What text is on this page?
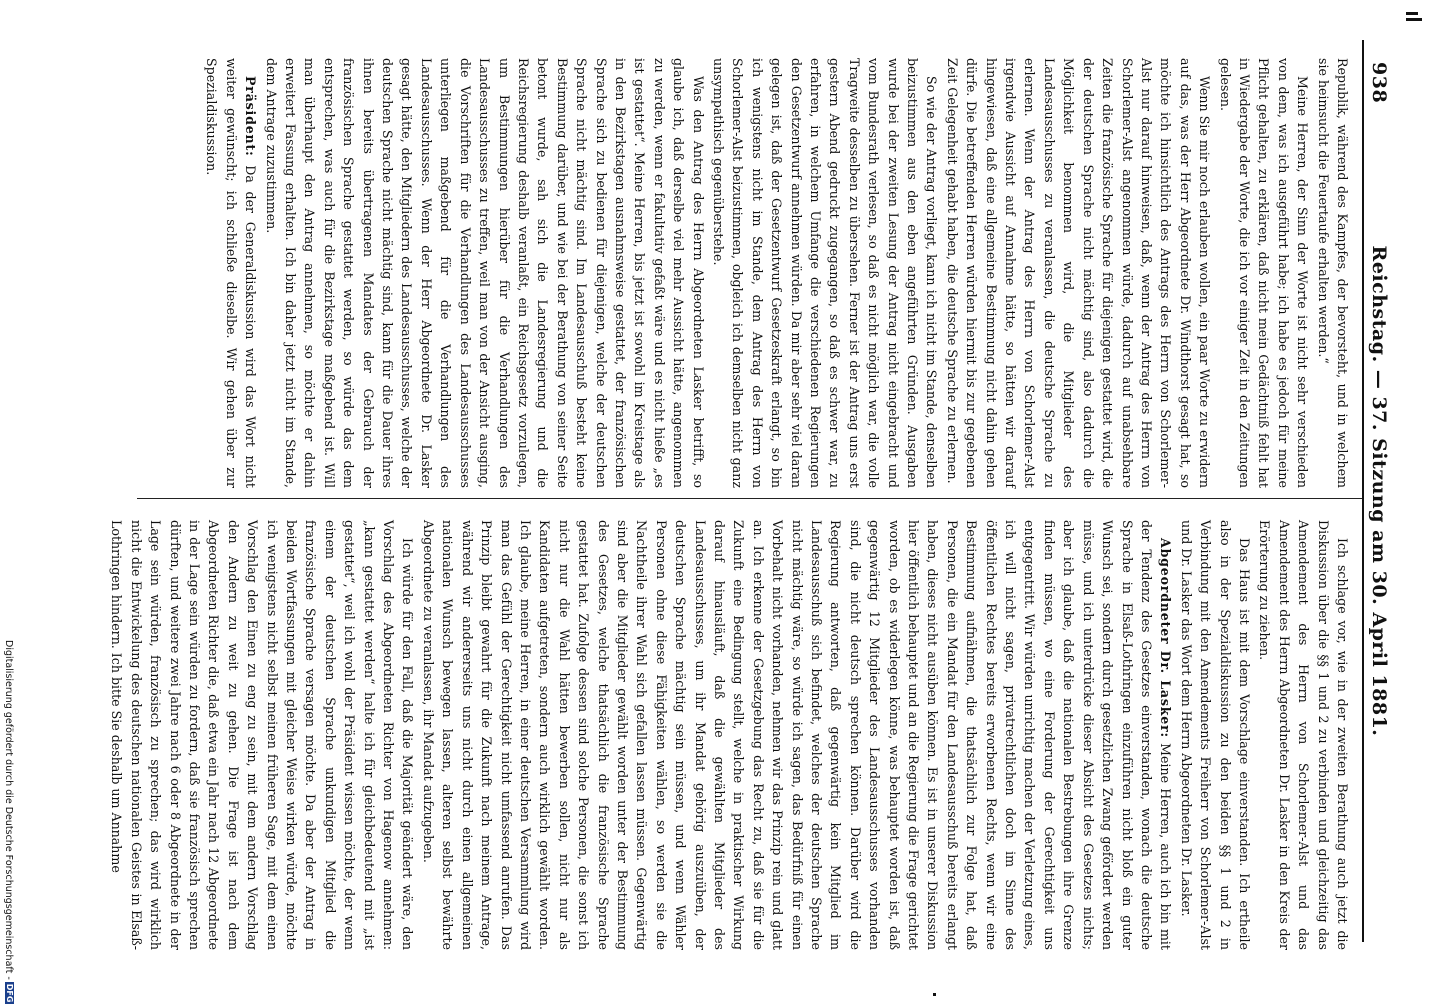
938
Reichstag. — 37. Sitzung am 30. April 1881.

Republik, während des Kampfes, der bevorsteht, und in welchem sie heimsucht die Feuertaufe erhalten werden.“

Meine Herren, der Sinn der Worte ist nicht sehr verschieden von dem, was ich ausgeführt habe; ich habe es jedoch für meine Pflicht gehalten, zu erklären, daß nicht mein Gedächtniß fehlt hat in Wiedergabe der Worte, die ich vor einiger Zeit in den Zeitungen gelesen.

Wenn Sie mir noch erlauben wollen, ein paar Worte zu erwidern auf das, was der Herr Abgeordnete Dr. Windthorst gesagt hat, so möchte ich hinsichtlich des Antrags des Herrn von Schorlemer-Alst nur darauf hinweisen, daß, wenn der Antrag des Herrn von Schorlemer-Alst angenommen würde, dadurch auf unabsehbare Zeiten die französische Sprache für diejenigen gestattet wird, die der deutschen Sprache nicht mächtig sind, also dadurch die Möglichkeit benommen wird, die Mitglieder des Landesausschusses zu veranlassen, die deutsche Sprache zu erlernen. Wenn der Antrag des Herrn von Schorlemer-Alst irgendwie Aussicht auf Annahme hätte, so hätten wir darauf hingewiesen, daß eine allgemeine Bestimmung nicht dahin gehen dürfe. Die betreffenden Herren würden hiermit bis zur gegebenen Zeit Gelegenheit gehabt haben, die deutsche Sprache zu erlernen.

So wie der Antrag vorliegt, kann ich nicht im Stande, denselben beizustimmen aus den eben angeführten Gründen. Ausgaben wurde bei der zweiten Lesung der Antrag nicht eingebracht und vom Bundesrath verlesen, so daß es nicht möglich war, die volle Tragweite desselben zu übersehen. Ferner ist der Antrag uns erst gestern Abend gedruckt zugegangen, so daß es schwer war, zu erfahren, in welchem Umfange die verschiedenen Regierungen den Gesetzentwurf annehmen würden. Da mir aber sehr viel daran gelegen ist, daß der Gesetzentwurf Gesetzeskraft erlangt, so bin ich wenigstens nicht im Stande, dem Antrag des Herrn von Schorlemer-Alst beizustimmen, obgleich ich demselben nicht ganz unsympathisch gegenüberstehe.

Was den Antrag des Herrn Abgeordneten Lasker betrifft, so glaube ich, daß derselbe viel mehr Aussicht hätte, angenommen zu werden, wenn er fakultativ gefaßt wäre und es nicht hieße „es ist gestattet“. Meine Herren, bis jetzt ist sowohl im Kreistage als in den Bezirkstagen ausnahmsweise gestattet, der französischen Sprache sich zu bedienen für diejenigen, welche der deutschen Sprache nicht mächtig sind. Im Landesausschuß besteht keine Bestimmung darüber, und wie bei der Berathung von seiner Seite betont wurde, sah sich die Landesregierung und die Reichsregierung deshalb veranlaßt, ein Reichsgesetz vorzulegen, um Bestimmungen hierüber für die Verhandlungen des Landesausschusses zu treffen, weil man von der Ansicht ausging, die Vorschriften für die Verhandlungen des Landesausschusses unterliegen maßgebend für die Verhandlungen des Landesausschusses. Wenn der Herr Abgeordnete Dr. Lasker gesagt hätte, den Mitgliedern des Landesausschusses, welche der deutschen Sprache nicht mächtig sind, kann für die Dauer ihres ihnen bereits übertragenen Mandates der Gebrauch der französischen Sprache gestattet werden, so würde das dem entsprechen, was auch für die Bezirkstage maßgebend ist. Will man überhaupt den Antrag annehmen, so möchte er dahin erweitert Fassung erhalten. Ich bin daher jetzt nicht im Stande, dem Antrage zuzustimmen.

Präsident: Da der Generaldiskussion wird das Wort nicht weiter gewünscht; ich schließe dieselbe. Wir gehen über zur Spezialdiskussion.

Ich schlage vor, wie in der zweiten Berathung auch jetzt die Diskussion über die §§ 1 und 2 zu verbinden und gleichzeitig das Amendement des Herrn von Schorlemer-Alst und das Amendement des Herrn Abgeordneten Dr. Lasker in den Kreis der Erörterung zu ziehen.

Das Haus ist mit dem Vorschlage einverstanden. Ich ertheile also in der Spezialdiskussion zu den beiden §§ 1 und 2 in Verbindung mit den Amendements Freiherr von Schorlemer-Alst und Dr. Lasker das Wort dem Herrn Abgeordneten Dr. Lasker.

Abgeordneter Dr. Lasker: Meine Herren, auch ich bin mit der Tendenz des Gesetzes einverstanden, wonach die deutsche Sprache in Elsaß-Lothringen einzuführen nicht bloß ein guter Wunsch sei, sondern durch gesetzlichen Zwang gefördert werden müsse, und ich unterdrücke dieser Absicht des Gesetzes nichts; aber ich glaube, daß die nationalen Bestrebungen ihre Grenze finden müssen, wo eine Forderung der Gerechtigkeit uns entgegentritt. Wir würden unrichtig machen der Verletzung eines, ich will nicht sagen, privatrechtlichen doch im Sinne des öffentlichen Rechtes bereits erworbenen Rechts, wenn wir eine Bestimmung aufnähmen, die thatsächlich zur Folge hat, daß Personen, die ein Mandat für den Landesausschuß bereits erlangt haben, dieses nicht ausüben können. Es ist in unserer Diskussion hier öffentlich behauptet und an die Regierung die Frage gerichtet worden, ob es widerlegen könne, was behauptet worden ist, daß gegenwärtig 12 Mitglieder des Landesausschusses vorhanden sind, die nicht deutsch sprechen können. Darüber wird die Regierung antworten, daß gegenwärtig kein Mitglied im Landesausschuß sich befindet, welches der deutschen Sprache nicht mächtig wäre, so würde ich sagen, das Bedürfniß für einen Vorbehalt nicht vorhanden, nehmen wir das Prinzip rein und glatt an. Ich erkenne der Gesetzgebung das Recht zu, daß sie für die Zukunft eine Bedingung stellt, welche in praktischer Wirkung darauf hinausläuft, daß die gewählten Mitglieder des Landesausschusses, um ihr Mandat gehörig auszuüben, der deutschen Sprache mächtig sein müssen, und wenn Wähler Personen ohne diese Fähigkeiten wählen, so werden sie die Nachtheile ihrer Wahl sich gefallen lassen müssen. Gegenwärtig sind aber die Mitglieder gewählt worden unter der Bestimmung des Gesetzes, welche thatsächlich die französische Sprache gestattet hat. Zufolge dessen sind solche Personen, die sonst ich nicht nur die Wahl hätten bewerben sollen, nicht nur als Kandidaten aufgetreten, sondern auch wirklich gewählt worden. Ich glaube, meine Herren, in einer deutschen Versammlung wird man das Gefühl der Gerechtigkeit nicht umfassend anrufen. Das Prinzip bleibt gewahrt für die Zukunft nach meinem Antrage, während wir andererseits uns nicht durch einen allgemeinen nationalen Wunsch bewegen lassen, alteren selbst bewährte Abgeordnete zu veranlassen, ihr Mandat aufzugeben.

Ich würde für den Fall, daß die Majorität geändert wäre, den Vorschlag des Abgeordneten Richter von Hagenow annehmen: „kann gestattet werden“ halte ich für gleichbedeutend mit „ist gestattet“, weil ich wohl der Präsident wissen möchte, der wenn einem der deutschen Sprache unkundigen Mitglied die französische Sprache versagen möchte. Da aber der Antrag in beiden Wortfassungen mit gleicher Weise wirken würde, möchte ich wenigstens nicht selbst meinen früheren Sage, mit dem einen Vorschlag den Einen zu eng zu sein, mit dem andern Vorschlag den Andern zu weit zu gehen. Die Frage ist nach dem Abgeordneten Richter die, daß etwa ein Jahr nach 12 Abgeordnete in der Lage sein würden zu fordern, daß sie französisch sprechen dürften, und weitere zwei Jahre nach 6 oder 8 Abgeordnete in der Lage sein würden, französisch zu sprechen; das wird wirklich nicht die Entwickelung des deutschen nationalen Geistes in Elsaß-Lothringen hindern. Ich bitte Sie deshalb um Annahme

Digitalisierung gefördert durch die Deutsche Forschungsgemeinschaft -DFG
